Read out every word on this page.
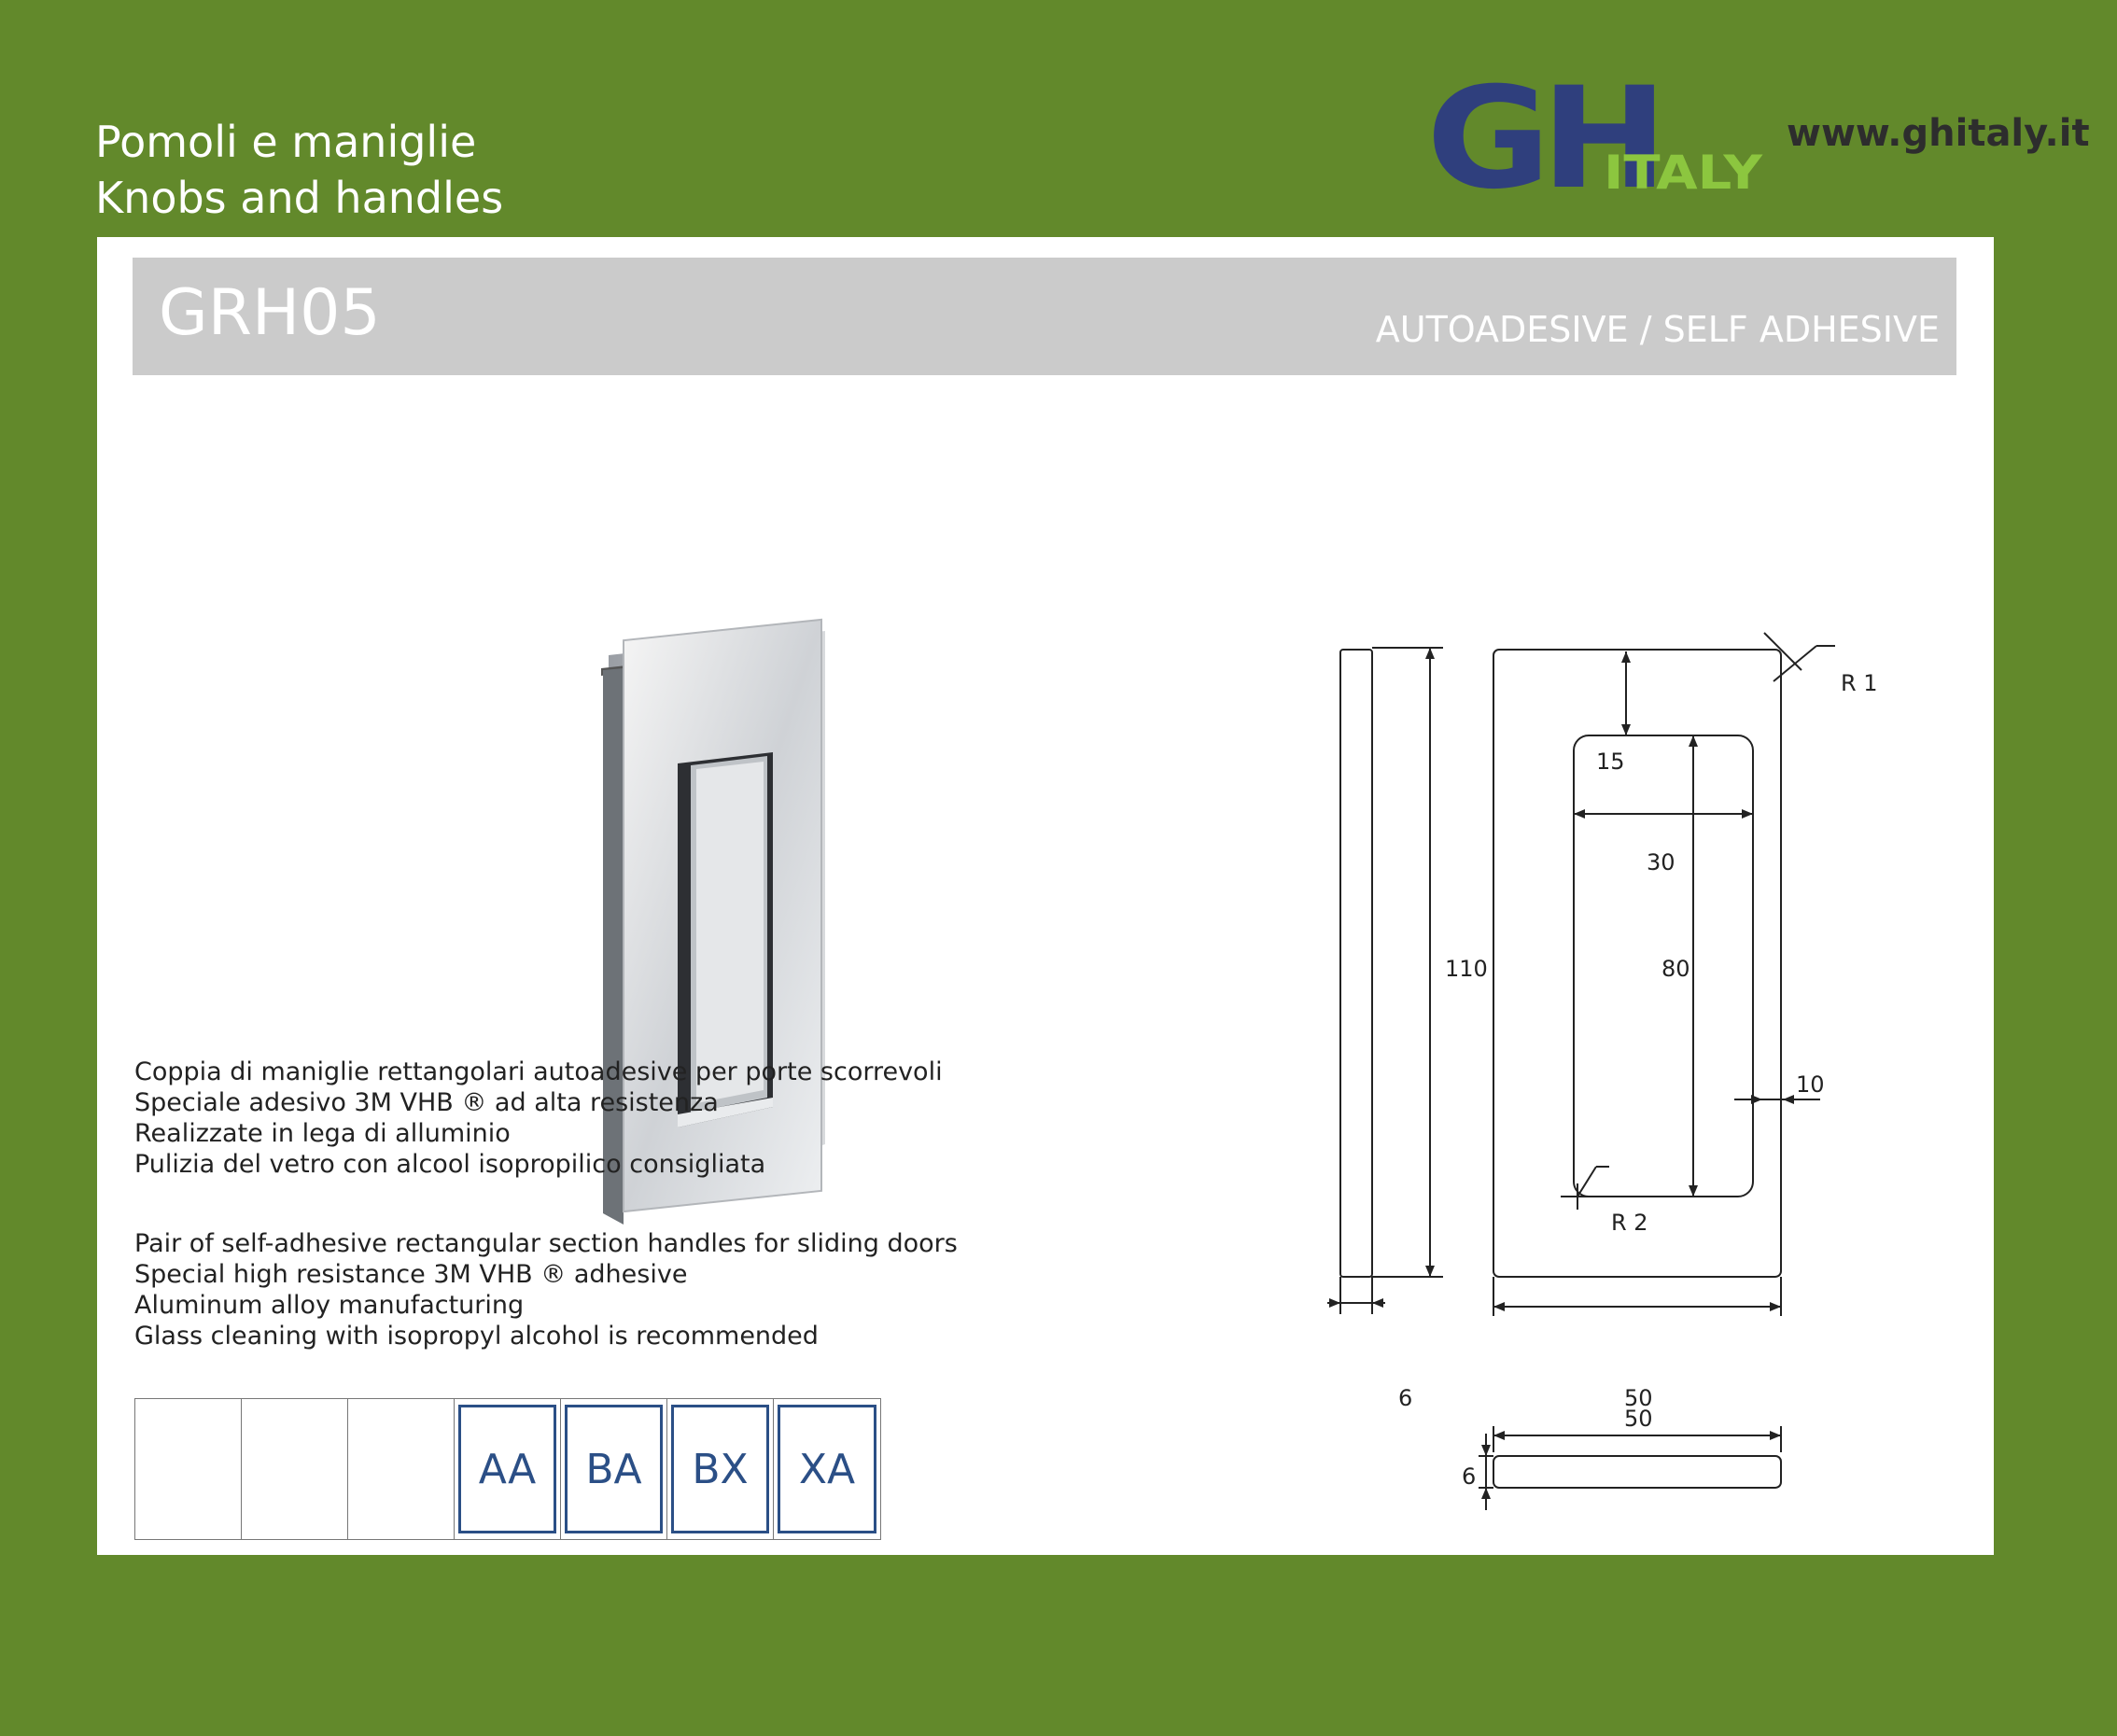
Pomoli e maniglie
Knobs and handles	GH
ITALY
www.ghitaly.it
GRH05	AUTOADESIVE / SELF ADHESIVE
Coppia di maniglie rettangolari autoadesive per porte scorrevoli
Speciale adesivo 3M VHB ® ad alta resistenza
Realizzate in lega di alluminio
Pulizia del vetro con alcool isopropilico consigliata
Pair of self-adhesive rectangular section handles for sliding doors
Special high resistance 3M VHB ® adhesive
Aluminum alloy manufacturing
Glass cleaning with isopropyl alcohol is recommended
AA	BA	BX	XA
110
6	50
15
30
80
10
R 1
R 2
50
6
